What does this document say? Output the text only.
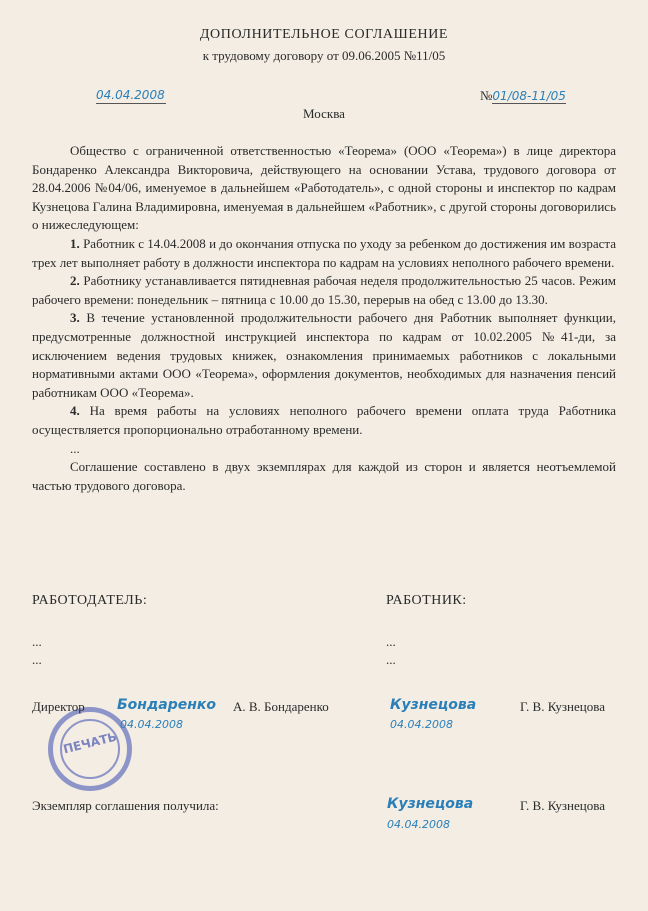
ДОПОЛНИТЕЛЬНОЕ СОГЛАШЕНИЕ
к трудовому договору от 09.06.2005 №11/05
04.04.2008	№01/08-11/05
Москва

Общество с ограниченной ответственностью «Теорема» (ООО «Теорема») в лице директора Бондаренко Александра Викторовича, действующего на основании Устава, трудового договора от 28.04.2006 №04/06, именуемое в дальнейшем «Работодатель», с одной стороны и инспектор по кадрам Кузнецова Галина Владимировна, именуемая в дальнейшем «Работник», с другой стороны договорились о нижеследующем:

1. Работник с 14.04.2008 и до окончания отпуска по уходу за ребенком до достижения им возраста трех лет выполняет работу в должности инспектора по кадрам на условиях неполного рабочего времени.

2. Работнику устанавливается пятидневная рабочая неделя продолжительностью 25 часов. Режим рабочего времени: понедельник – пятница с 10.00 до 15.30, перерыв на обед с 13.00 до 13.30.

3. В течение установленной продолжительности рабочего дня Работник выполняет функции, предусмотренные должностной инструкцией инспектора по кадрам от 10.02.2005 №41-ди, за исключением ведения трудовых книжек, ознакомления принимаемых работников с локальными нормативными актами ООО «Теорема», оформления документов, необходимых для назначения пенсий работникам ООО «Теорема».

4. На время работы на условиях неполного рабочего времени оплата труда Работника осуществляется пропорционально отработанному времени.

...

Соглашение составлено в двух экземплярах для каждой из сторон и является неотъемлемой частью трудового договора.

РАБОТОДАТЕЛЬ:	РАБОТНИК:
...
...
...
...
ПЕЧАТЬ
Директор Бондаренко
04.04.2008
А. В. Бондаренко	Кузнецова
04.04.2008
Г. В. Кузнецова
Экземпляр соглашения получила:	Кузнецова
04.04.2008
Г. В. Кузнецова
